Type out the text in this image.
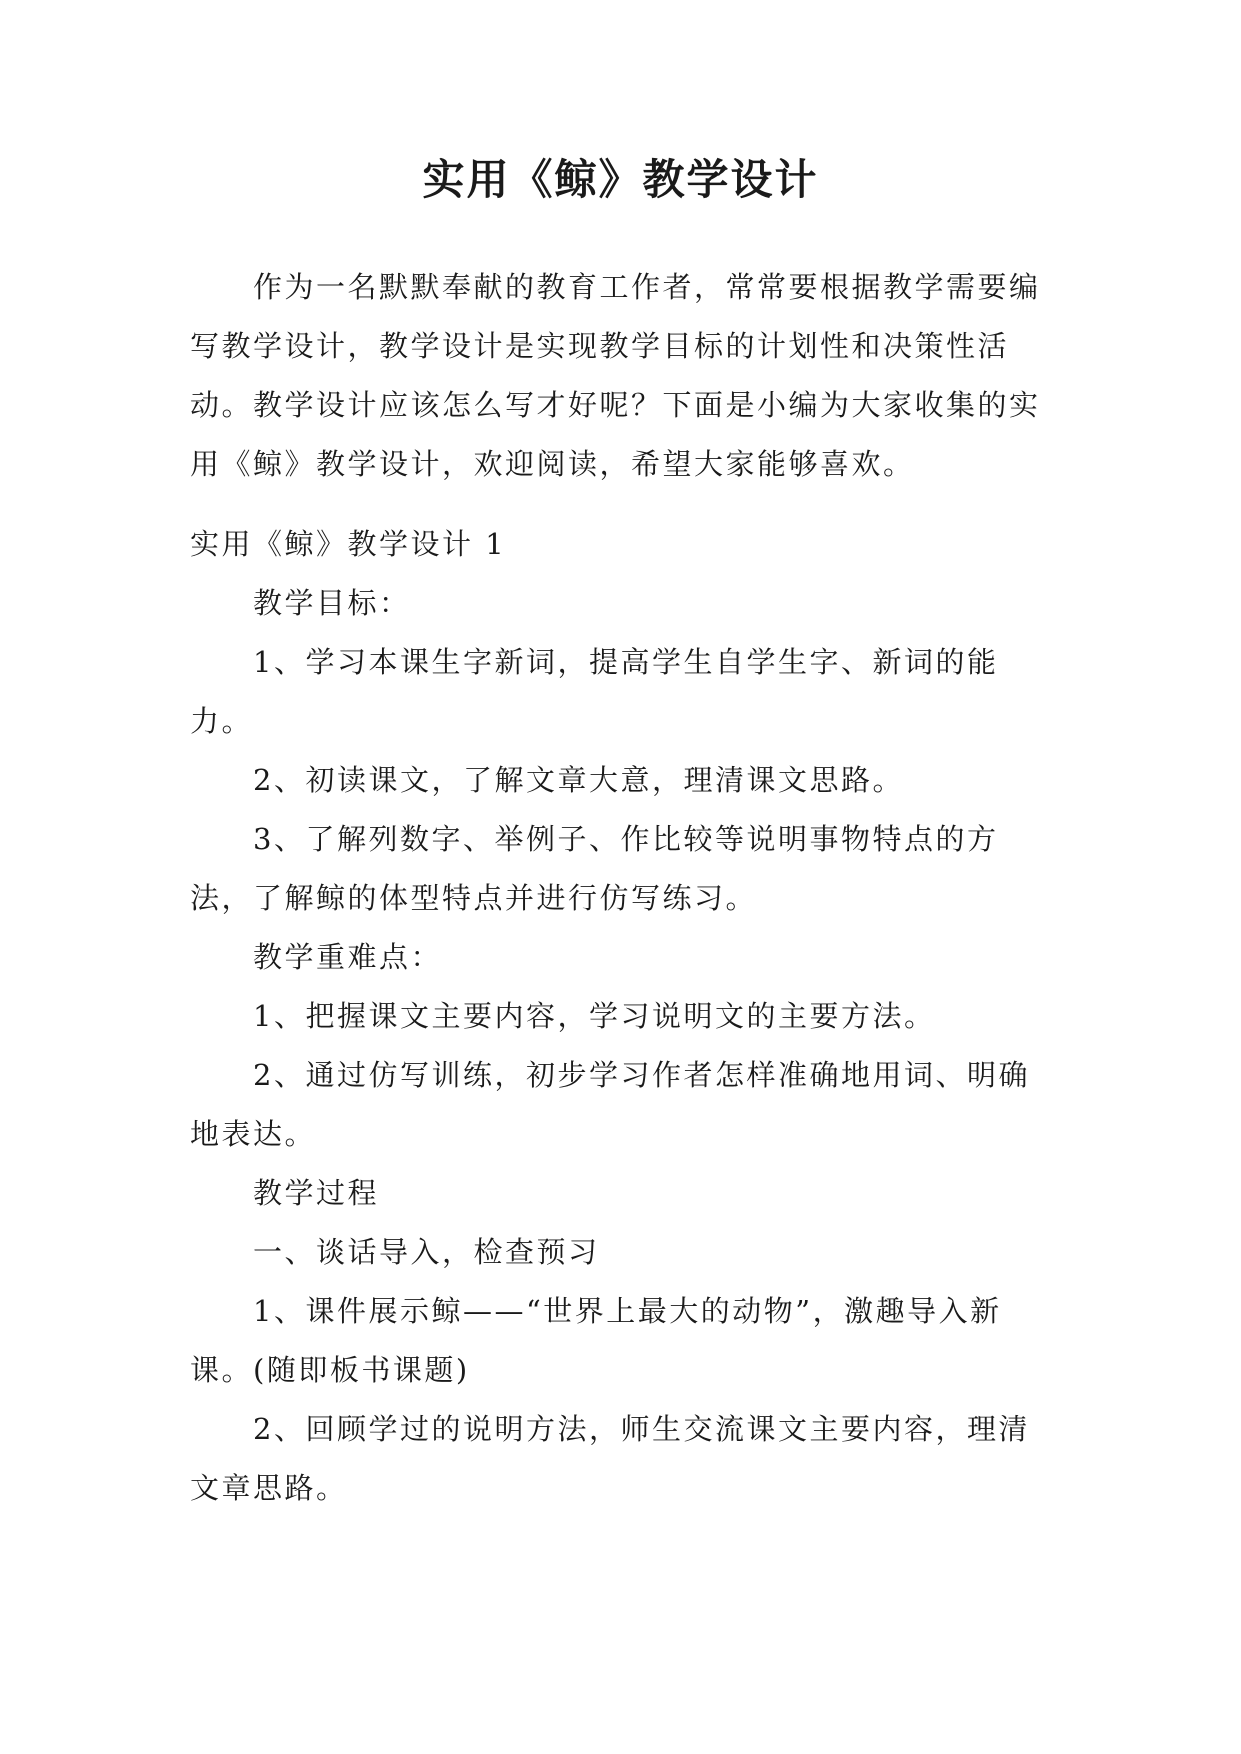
实用《鲸》教学设计

作为一名默默奉献的教育工作者，常常要根据教学需要编写教学设计，教学设计是实现教学目标的计划性和决策性活动。教学设计应该怎么写才好呢？下面是小编为大家收集的实用《鲸》教学设计，欢迎阅读，希望大家能够喜欢。

实用《鲸》教学设计 1

教学目标：

1、学习本课生字新词，提高学生自学生字、新词的能力。

2、初读课文，了解文章大意，理清课文思路。

3、了解列数字、举例子、作比较等说明事物特点的方法，了解鲸的体型特点并进行仿写练习。

教学重难点：

1、把握课文主要内容，学习说明文的主要方法。

2、通过仿写训练，初步学习作者怎样准确地用词、明确地表达。

教学过程

一、谈话导入，检查预习

1、课件展示鲸——“世界上最大的动物”，激趣导入新课。(随即板书课题)

2、回顾学过的说明方法，师生交流课文主要内容，理清文章思路。
